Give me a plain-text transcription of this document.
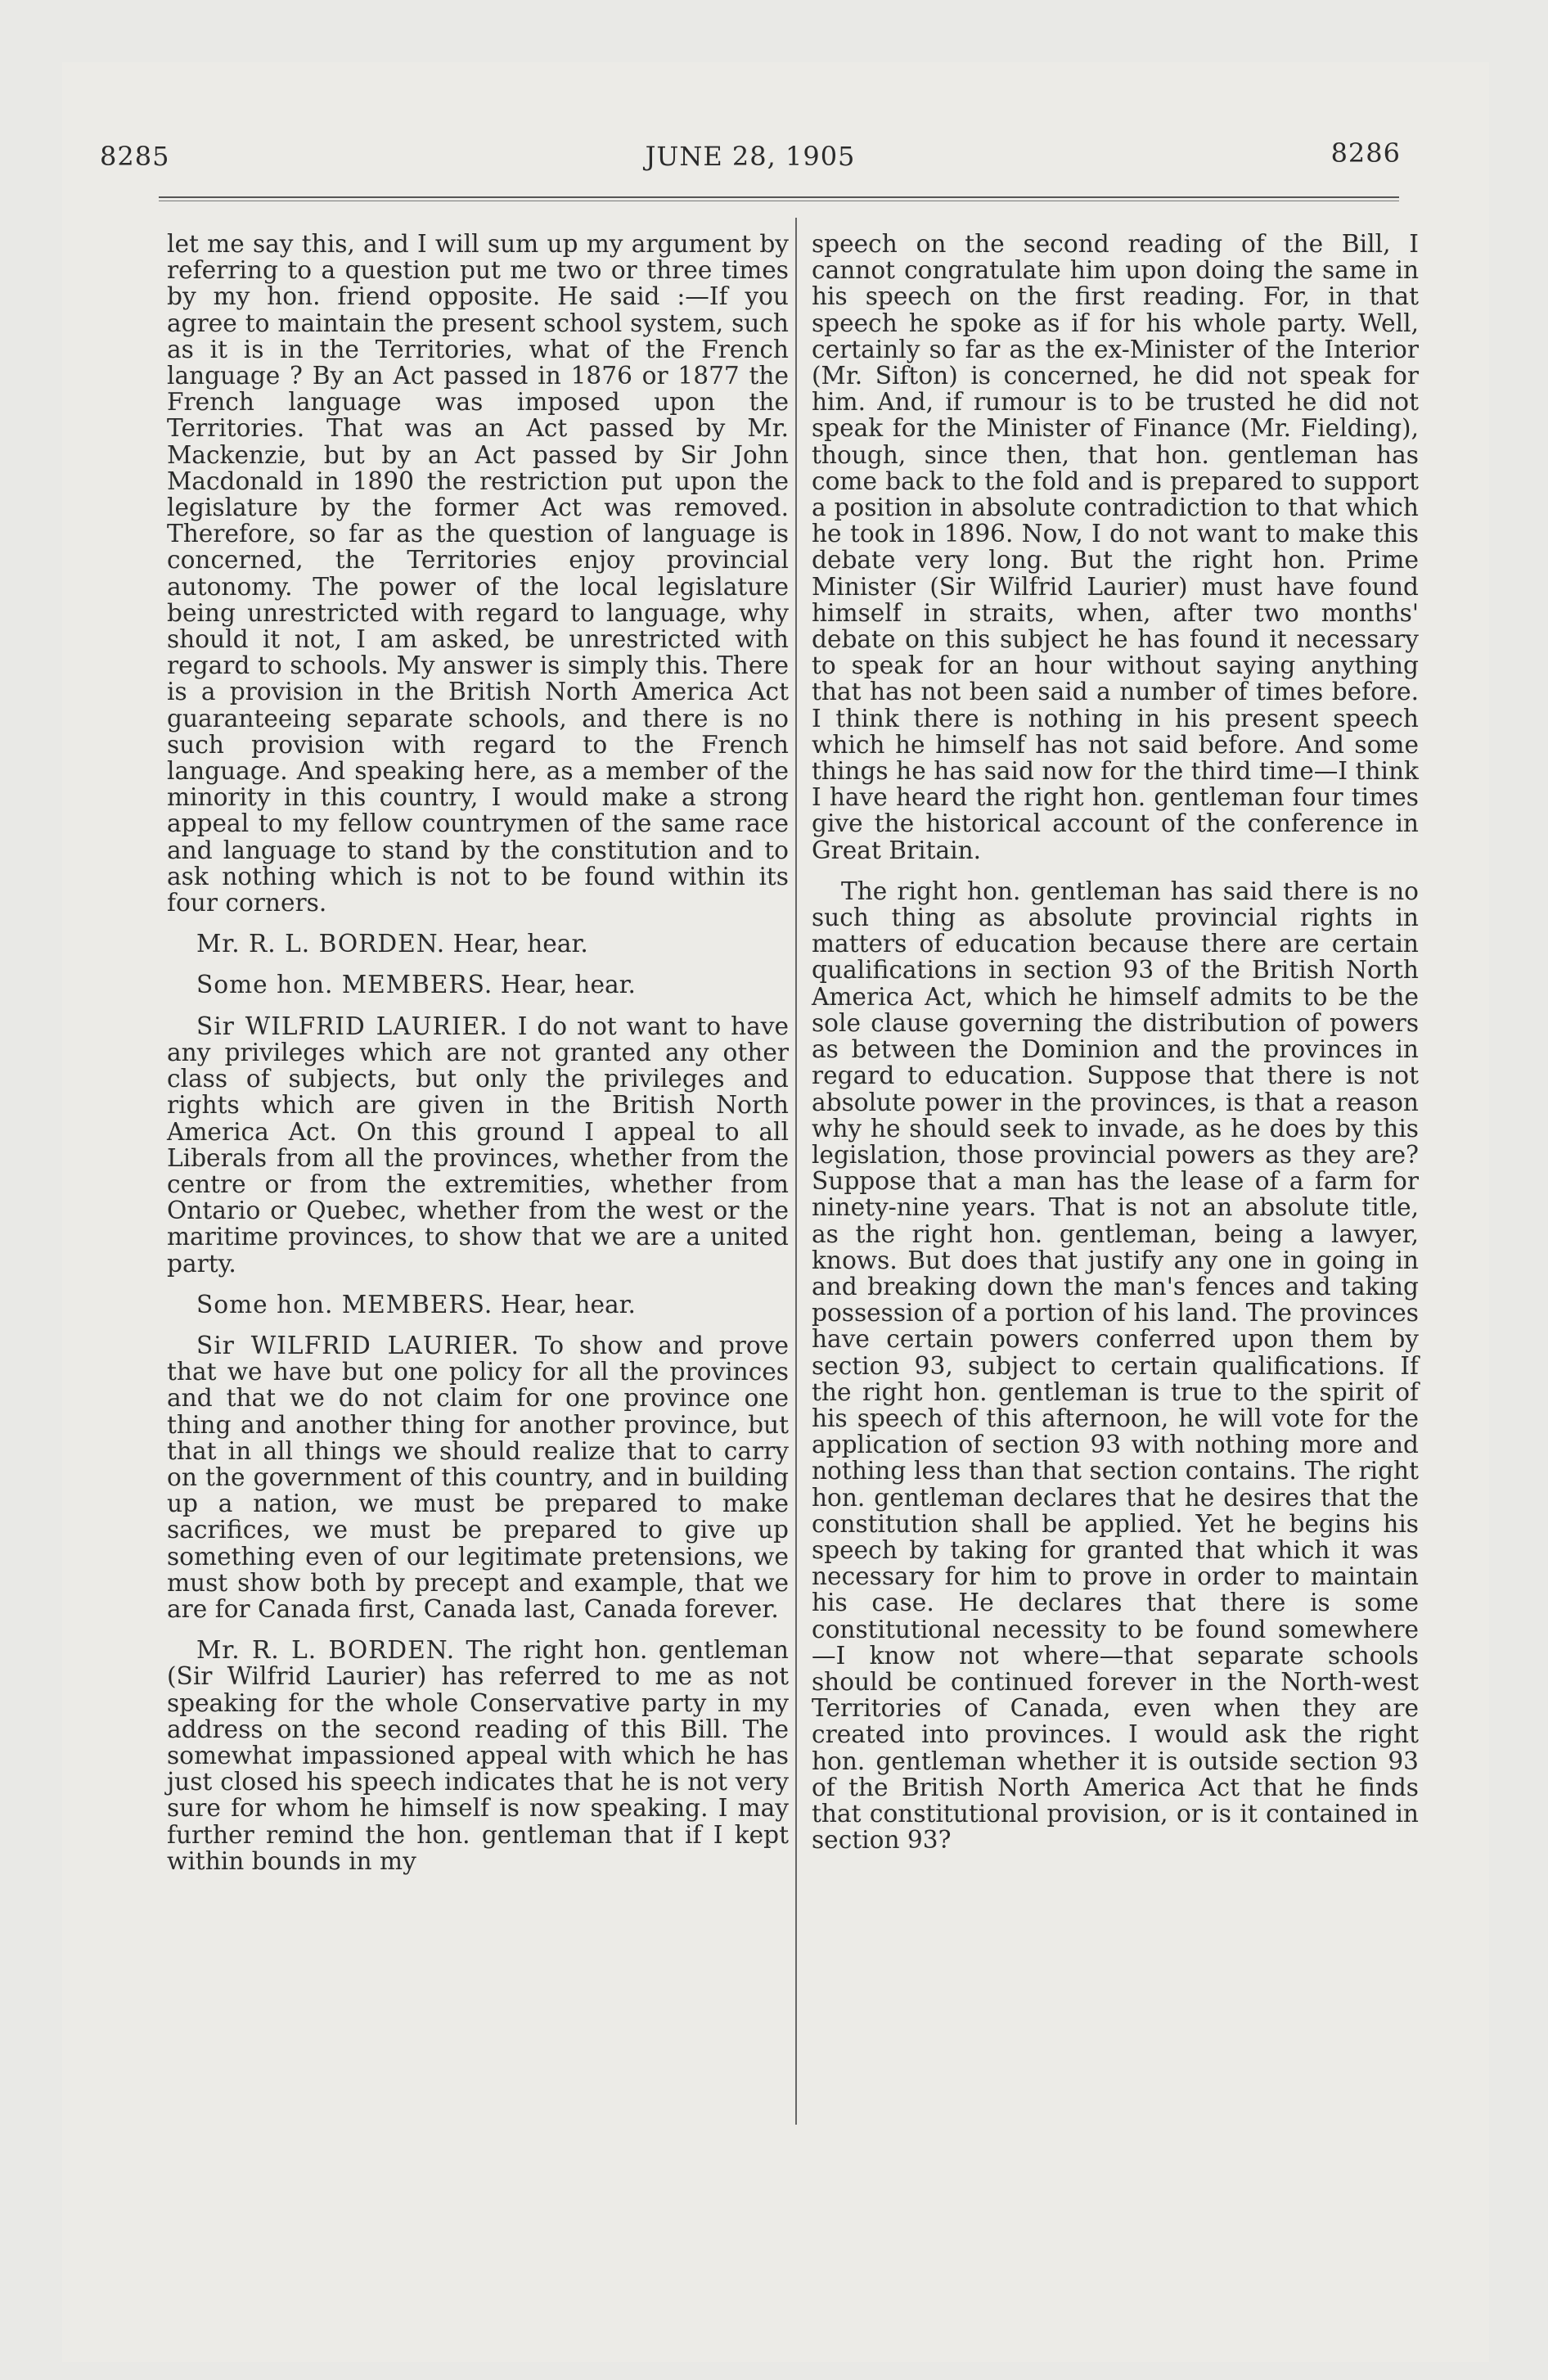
8285	JUNE 28, 1905	8286

let me say this, and I will sum up my argument by referring to a question put me two or three times by my hon. friend opposite. He said :—If you agree to maintain the present school system, such as it is in the Territories, what of the French language ? By an Act passed in 1876 or 1877 the French language was imposed upon the Territories. That was an Act passed by Mr. Mackenzie, but by an Act passed by Sir John Macdonald in 1890 the restriction put upon the legislature by the former Act was removed. Therefore, so far as the question of language is concerned, the Territories enjoy provincial autonomy. The power of the local legislature being unrestricted with regard to language, why should it not, I am asked, be unrestricted with regard to schools. My answer is simply this. There is a provision in the British North America Act guaranteeing separate schools, and there is no such provision with regard to the French language. And speaking here, as a member of the minority in this country, I would make a strong appeal to my fellow countrymen of the same race and language to stand by the constitution and to ask nothing which is not to be found within its four corners.

Mr. R. L. BORDEN. Hear, hear.

Some hon. MEMBERS. Hear, hear.

Sir WILFRID LAURIER. I do not want to have any privileges which are not granted any other class of subjects, but only the privileges and rights which are given in the British North America Act. On this ground I appeal to all Liberals from all the provinces, whether from the centre or from the extremities, whether from Ontario or Quebec, whether from the west or the maritime provinces, to show that we are a united party.

Some hon. MEMBERS. Hear, hear.

Sir WILFRID LAURIER. To show and prove that we have but one policy for all the provinces and that we do not claim for one province one thing and another thing for another province, but that in all things we should realize that to carry on the government of this country, and in building up a nation, we must be prepared to make sacrifices, we must be prepared to give up something even of our legitimate pretensions, we must show both by precept and example, that we are for Canada first, Canada last, Canada forever.

Mr. R. L. BORDEN. The right hon. gentleman (Sir Wilfrid Laurier) has referred to me as not speaking for the whole Conservative party in my address on the second reading of this Bill. The somewhat impassioned appeal with which he has just closed his speech indicates that he is not very sure for whom he himself is now speaking. I may further remind the hon. gentleman that if I kept within bounds in my

speech on the second reading of the Bill, I cannot congratulate him upon doing the same in his speech on the first reading. For, in that speech he spoke as if for his whole party. Well, certainly so far as the ex-Minister of the Interior (Mr. Sifton) is concerned, he did not speak for him. And, if rumour is to be trusted he did not speak for the Minister of Finance (Mr. Fielding), though, since then, that hon. gentleman has come back to the fold and is prepared to support a position in absolute contradiction to that which he took in 1896. Now, I do not want to make this debate very long. But the right hon. Prime Minister (Sir Wilfrid Laurier) must have found himself in straits, when, after two months' debate on this subject he has found it necessary to speak for an hour without saying anything that has not been said a number of times before. I think there is nothing in his present speech which he himself has not said before. And some things he has said now for the third time—I think I have heard the right hon. gentleman four times give the historical account of the conference in Great Britain.

The right hon. gentleman has said there is no such thing as absolute provincial rights in matters of education because there are certain qualifications in section 93 of the British North America Act, which he himself admits to be the sole clause governing the distribution of powers as between the Dominion and the provinces in regard to education. Suppose that there is not absolute power in the provinces, is that a reason why he should seek to invade, as he does by this legislation, those provincial powers as they are? Suppose that a man has the lease of a farm for ninety-nine years. That is not an absolute title, as the right hon. gentleman, being a lawyer, knows. But does that justify any one in going in and breaking down the man's fences and taking possession of a portion of his land. The provinces have certain powers conferred upon them by section 93, subject to certain qualifications. If the right hon. gentleman is true to the spirit of his speech of this afternoon, he will vote for the application of section 93 with nothing more and nothing less than that section contains. The right hon. gentleman declares that he desires that the constitution shall be applied. Yet he begins his speech by taking for granted that which it was necessary for him to prove in order to maintain his case. He declares that there is some constitutional necessity to be found somewhere —I know not where—that separate schools should be continued forever in the North-west Territories of Canada, even when they are created into provinces. I would ask the right hon. gentleman whether it is outside section 93 of the British North America Act that he finds that constitutional provision, or is it contained in section 93?
